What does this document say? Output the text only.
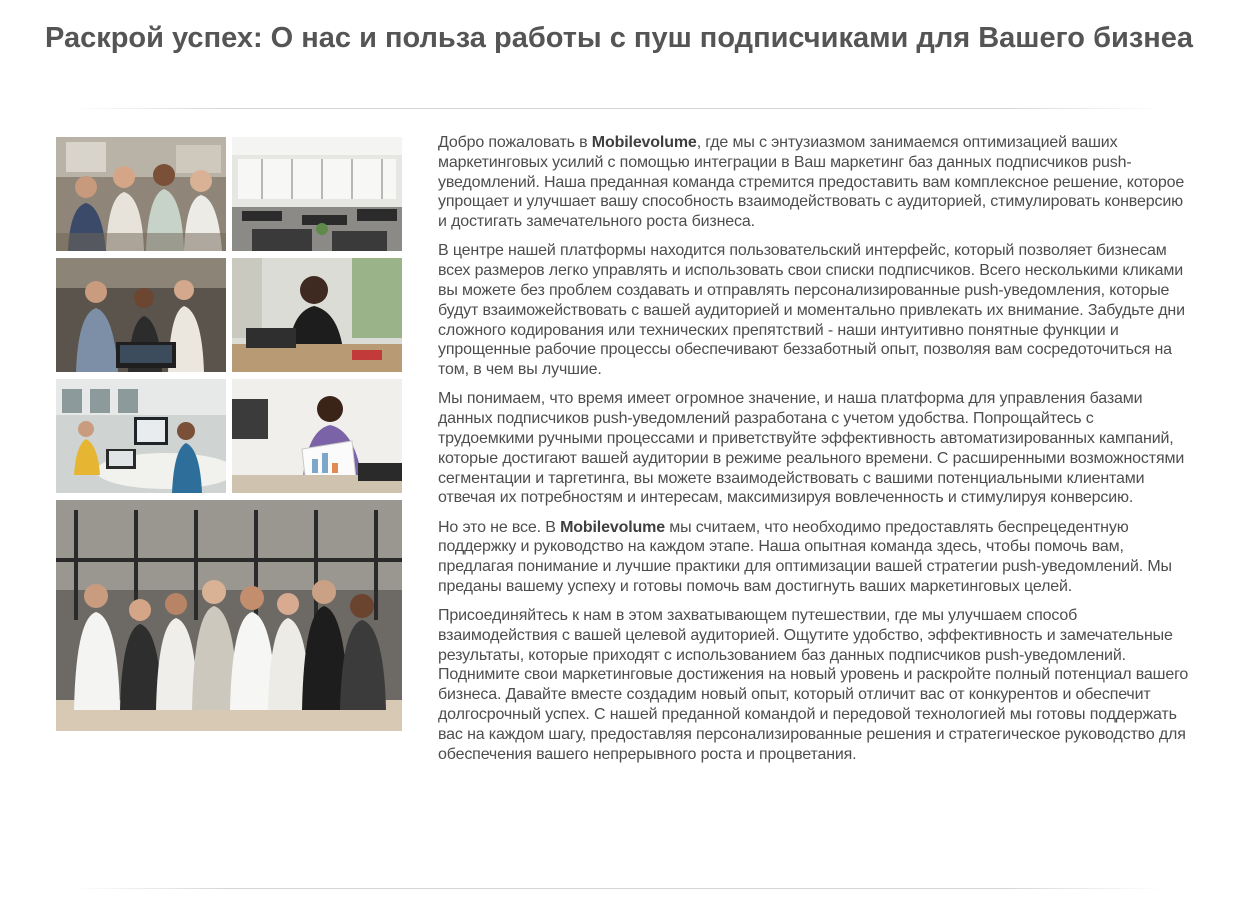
Раскрой успех: О нас и польза работы с пуш подписчиками для Вашего бизнеа

Добро пожаловать в Mobilevolume, где мы с энтузиазмом занимаемся оптимизацией ваших маркетинговых усилий с помощью интеграции в Ваш маркетинг баз данных подписчиков push-уведомлений. Наша преданная команда стремится предоставить вам комплексное решение, которое упрощает и улучшает вашу способность взаимодействовать с аудиторией, стимулировать конверсию и достигать замечательного роста бизнеса.

В центре нашей платформы находится пользовательский интерфейс, который позволяет бизнесам всех размеров легко управлять и использовать свои списки подписчиков. Всего несколькими кликами вы можете без проблем создавать и отправлять персонализированные push-уведомления, которые будут взаиможействовать с вашей аудиторией и моментально привлекать их внимание. Забудьте дни сложного кодирования или технических препятствий - наши интуитивно понятные функции и упрощенные рабочие процессы обеспечивают беззаботный опыт, позволяя вам сосредоточиться на том, в чем вы лучшие.

Мы понимаем, что время имеет огромное значение, и наша платформа для управления базами данных подписчиков push-уведомлений разработана с учетом удобства. Попрощайтесь с трудоемкими ручными процессами и приветствуйте эффективность автоматизированных кампаний, которые достигают вашей аудитории в режиме реального времени. С расширенными возможностями сегментации и таргетинга, вы можете взаимодействовать с вашими потенциальными клиентами отвечая их потребностям и интересам, максимизируя вовлеченность и стимулируя конверсию.

Но это не все. В Mobilevolume мы считаем, что необходимо предоставлять беспрецедентную поддержку и руководство на каждом этапе. Наша опытная команда здесь, чтобы помочь вам, предлагая понимание и лучшие практики для оптимизации вашей стратегии push-уведомлений. Мы преданы вашему успеху и готовы помочь вам достигнуть ваших маркетинговых целей.

Присоединяйтесь к нам в этом захватывающем путешествии, где мы улучшаем способ взаимодействия с вашей целевой аудиторией. Ощутите удобство, эффективность и замечательные результаты, которые приходят с использованием баз данных подписчиков push-уведомлений. Поднимите свои маркетинговые достижения на новый уровень и раскройте полный потенциал вашего бизнеса. Давайте вместе создадим новый опыт, который отличит вас от конкурентов и обеспечит долгосрочный успех. С нашей преданной командой и передовой технологией мы готовы поддержать вас на каждом шагу, предоставляя персонализированные решения и стратегическое руководство для обеспечения вашего непрерывного роста и процветания.
